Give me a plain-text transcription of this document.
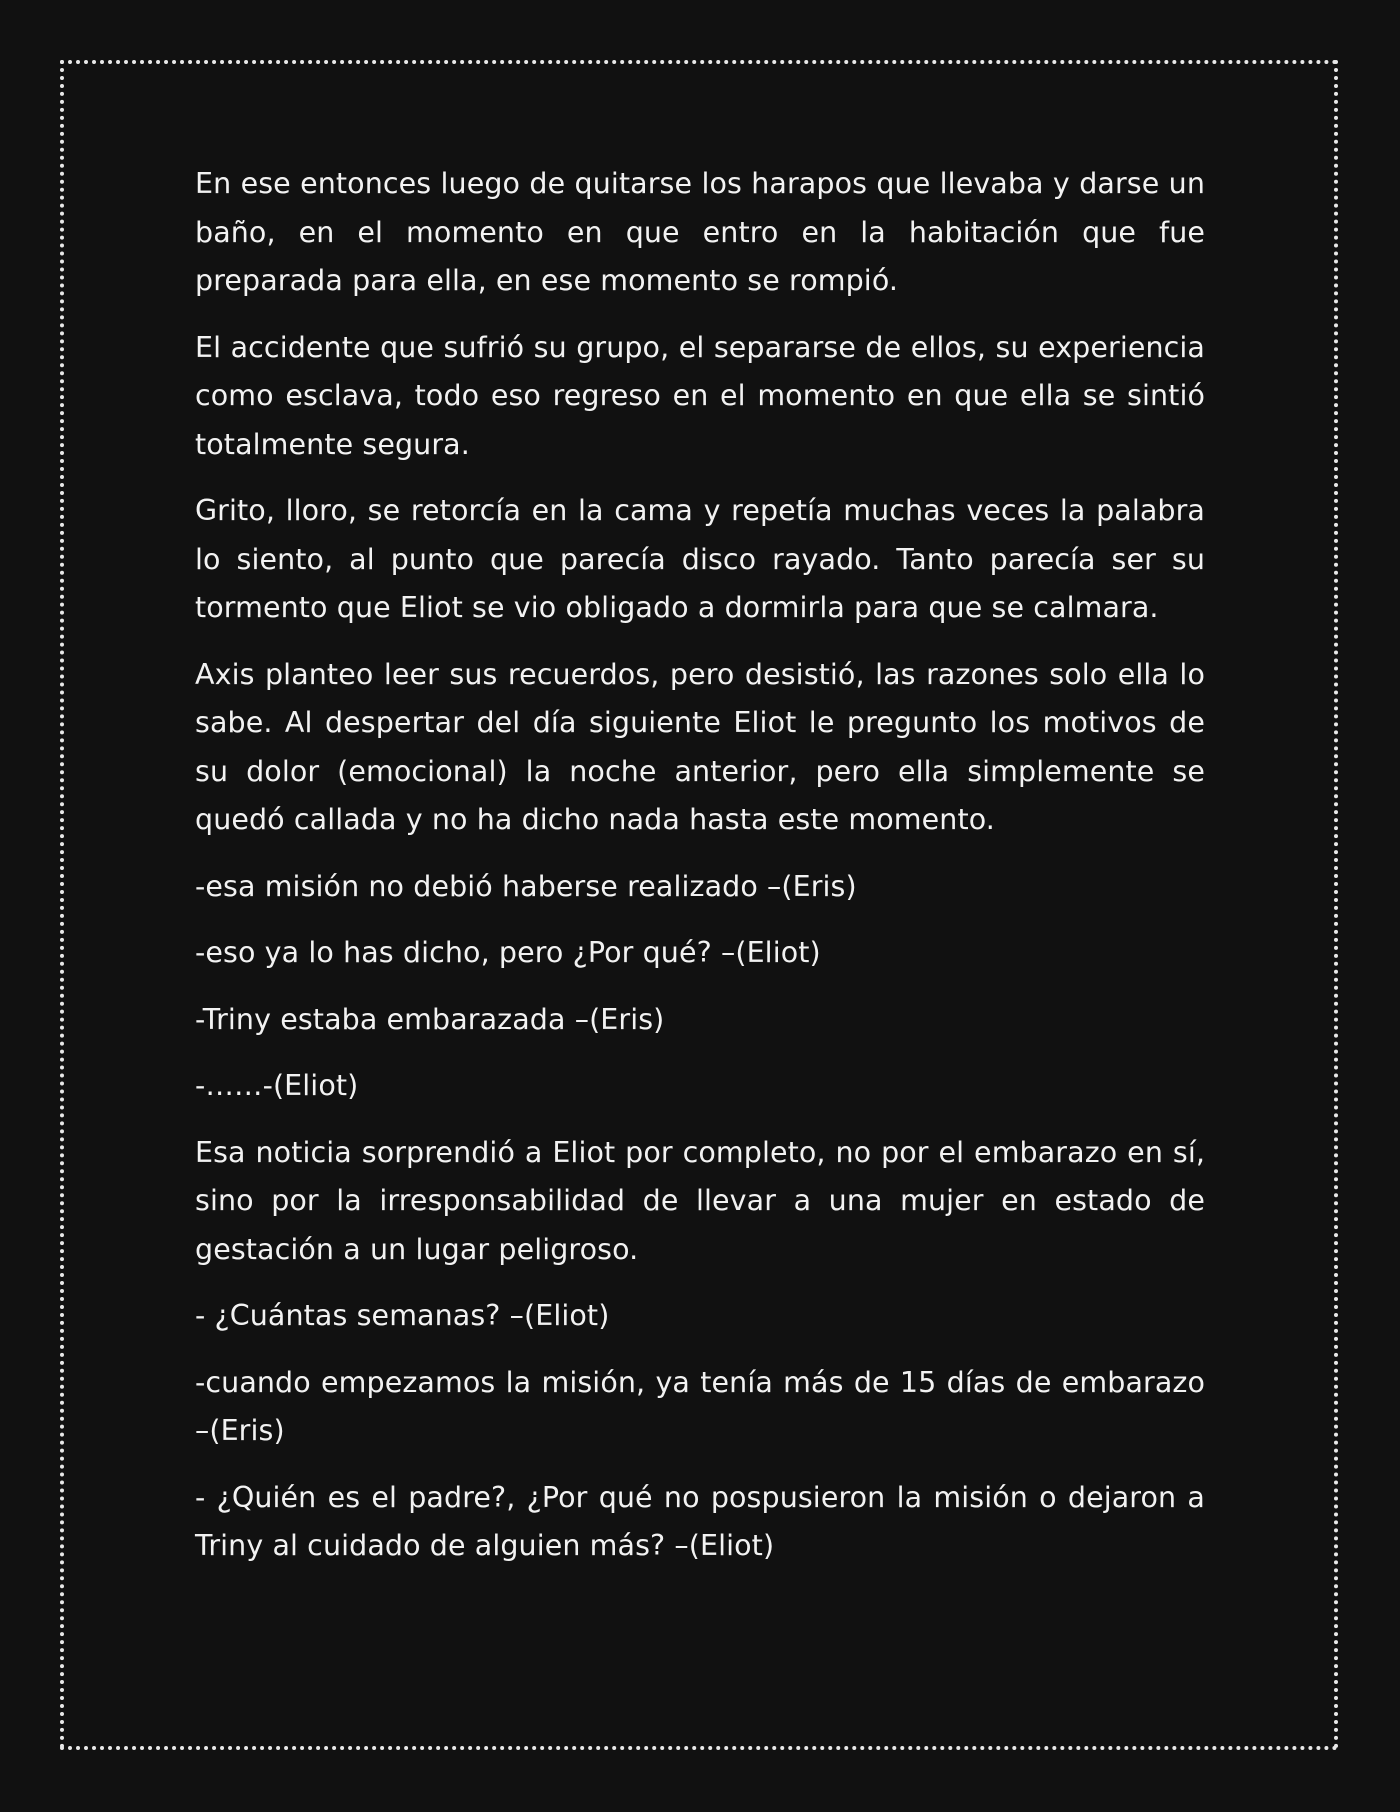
En ese entonces luego de quitarse los harapos que llevaba y darse un baño, en el momento en que entro en la habitación que fue preparada para ella, en ese momento se rompió.

El accidente que sufrió su grupo, el separarse de ellos, su experiencia como esclava, todo eso regreso en el momento en que ella se sintió totalmente segura.

Grito, lloro, se retorcía en la cama y repetía muchas veces la palabra lo siento, al punto que parecía disco rayado. Tanto parecía ser su tormento que Eliot se vio obligado a dormirla para que se calmara.

Axis planteo leer sus recuerdos, pero desistió, las razones solo ella lo sabe. Al despertar del día siguiente Eliot le pregunto los motivos de su dolor (emocional) la noche anterior, pero ella simplemente se quedó callada y no ha dicho nada hasta este momento.

-esa misión no debió haberse realizado –(Eris)

-eso ya lo has dicho, pero ¿Por qué? –(Eliot)

-Triny estaba embarazada –(Eris)

-……-(Eliot)

Esa noticia sorprendió a Eliot por completo, no por el embarazo en sí, sino por la irresponsabilidad de llevar a una mujer en estado de gestación a un lugar peligroso.

- ¿Cuántas semanas? –(Eliot)

-cuando empezamos la misión, ya tenía más de 15 días de embarazo –(Eris)

- ¿Quién es el padre?, ¿Por qué no pospusieron la misión o dejaron a Triny al cuidado de alguien más? –(Eliot)
